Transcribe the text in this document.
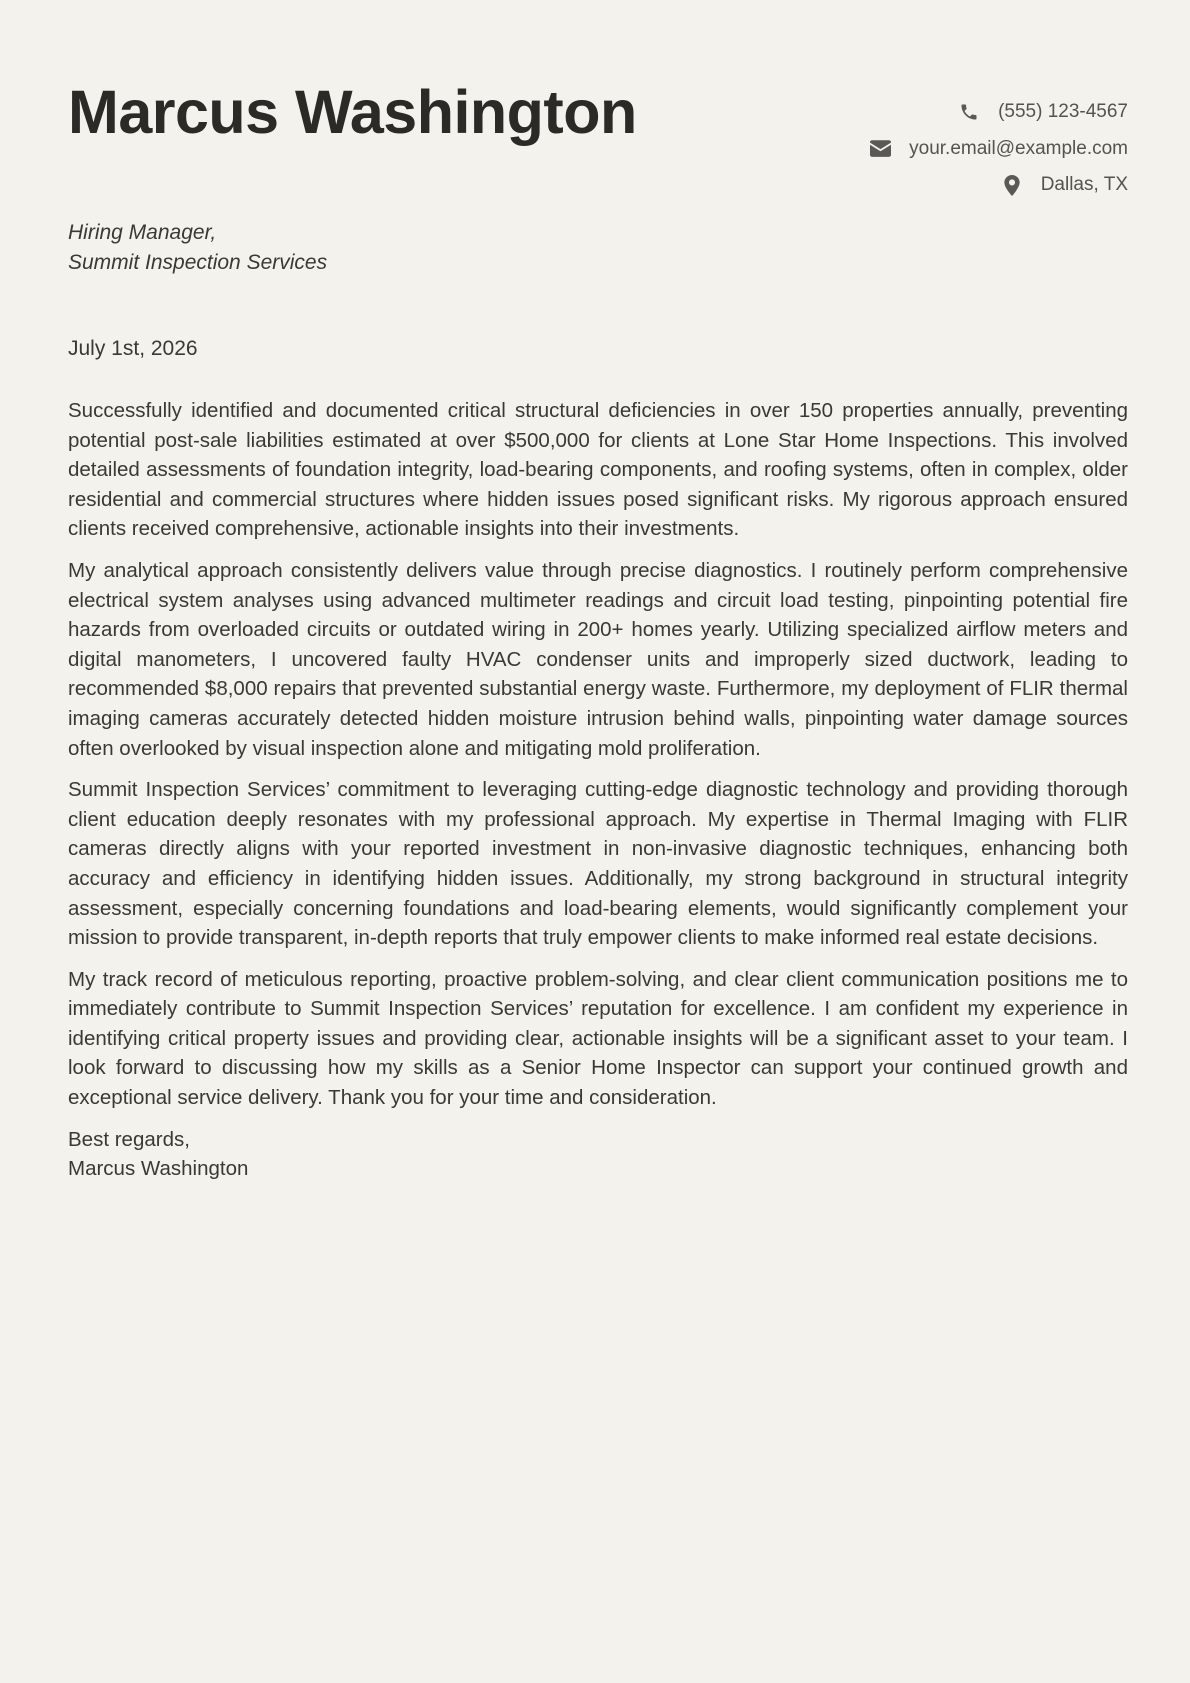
Marcus Washington	(555) 123-4567
your.email@example.com
Dallas, TX
Hiring Manager,
Summit Inspection Services
July 1st, 2026

Successfully identified and documented critical structural deficiencies in over 150 properties annually, preventing potential post-sale liabilities estimated at over $500,000 for clients at Lone Star Home Inspections. This involved detailed assessments of foundation integrity, load-bearing components, and roofing systems, often in complex, older residential and commercial structures where hidden issues posed significant risks. My rigorous approach ensured clients received comprehensive, actionable insights into their investments.

My analytical approach consistently delivers value through precise diagnostics. I routinely perform comprehensive electrical system analyses using advanced multimeter readings and circuit load testing, pinpointing potential fire hazards from overloaded circuits or outdated wiring in 200+ homes yearly. Utilizing specialized airflow meters and digital manometers, I uncovered faulty HVAC condenser units and improperly sized ductwork, leading to recommended $8,000 repairs that prevented substantial energy waste. Furthermore, my deployment of FLIR thermal imaging cameras accurately detected hidden moisture intrusion behind walls, pinpointing water damage sources often overlooked by visual inspection alone and mitigating mold proliferation.

Summit Inspection Services’ commitment to leveraging cutting-edge diagnostic technology and providing thorough client education deeply resonates with my professional approach. My expertise in Thermal Imaging with FLIR cameras directly aligns with your reported investment in non-invasive diagnostic techniques, enhancing both accuracy and efficiency in identifying hidden issues. Additionally, my strong background in structural integrity assessment, especially concerning foundations and load-bearing elements, would significantly complement your mission to provide transparent, in-depth reports that truly empower clients to make informed real estate decisions.

My track record of meticulous reporting, proactive problem-solving, and clear client communication positions me to immediately contribute to Summit Inspection Services’ reputation for excellence. I am confident my experience in identifying critical property issues and providing clear, actionable insights will be a significant asset to your team. I look forward to discussing how my skills as a Senior Home Inspector can support your continued growth and exceptional service delivery. Thank you for your time and consideration.

Best regards,
Marcus Washington
